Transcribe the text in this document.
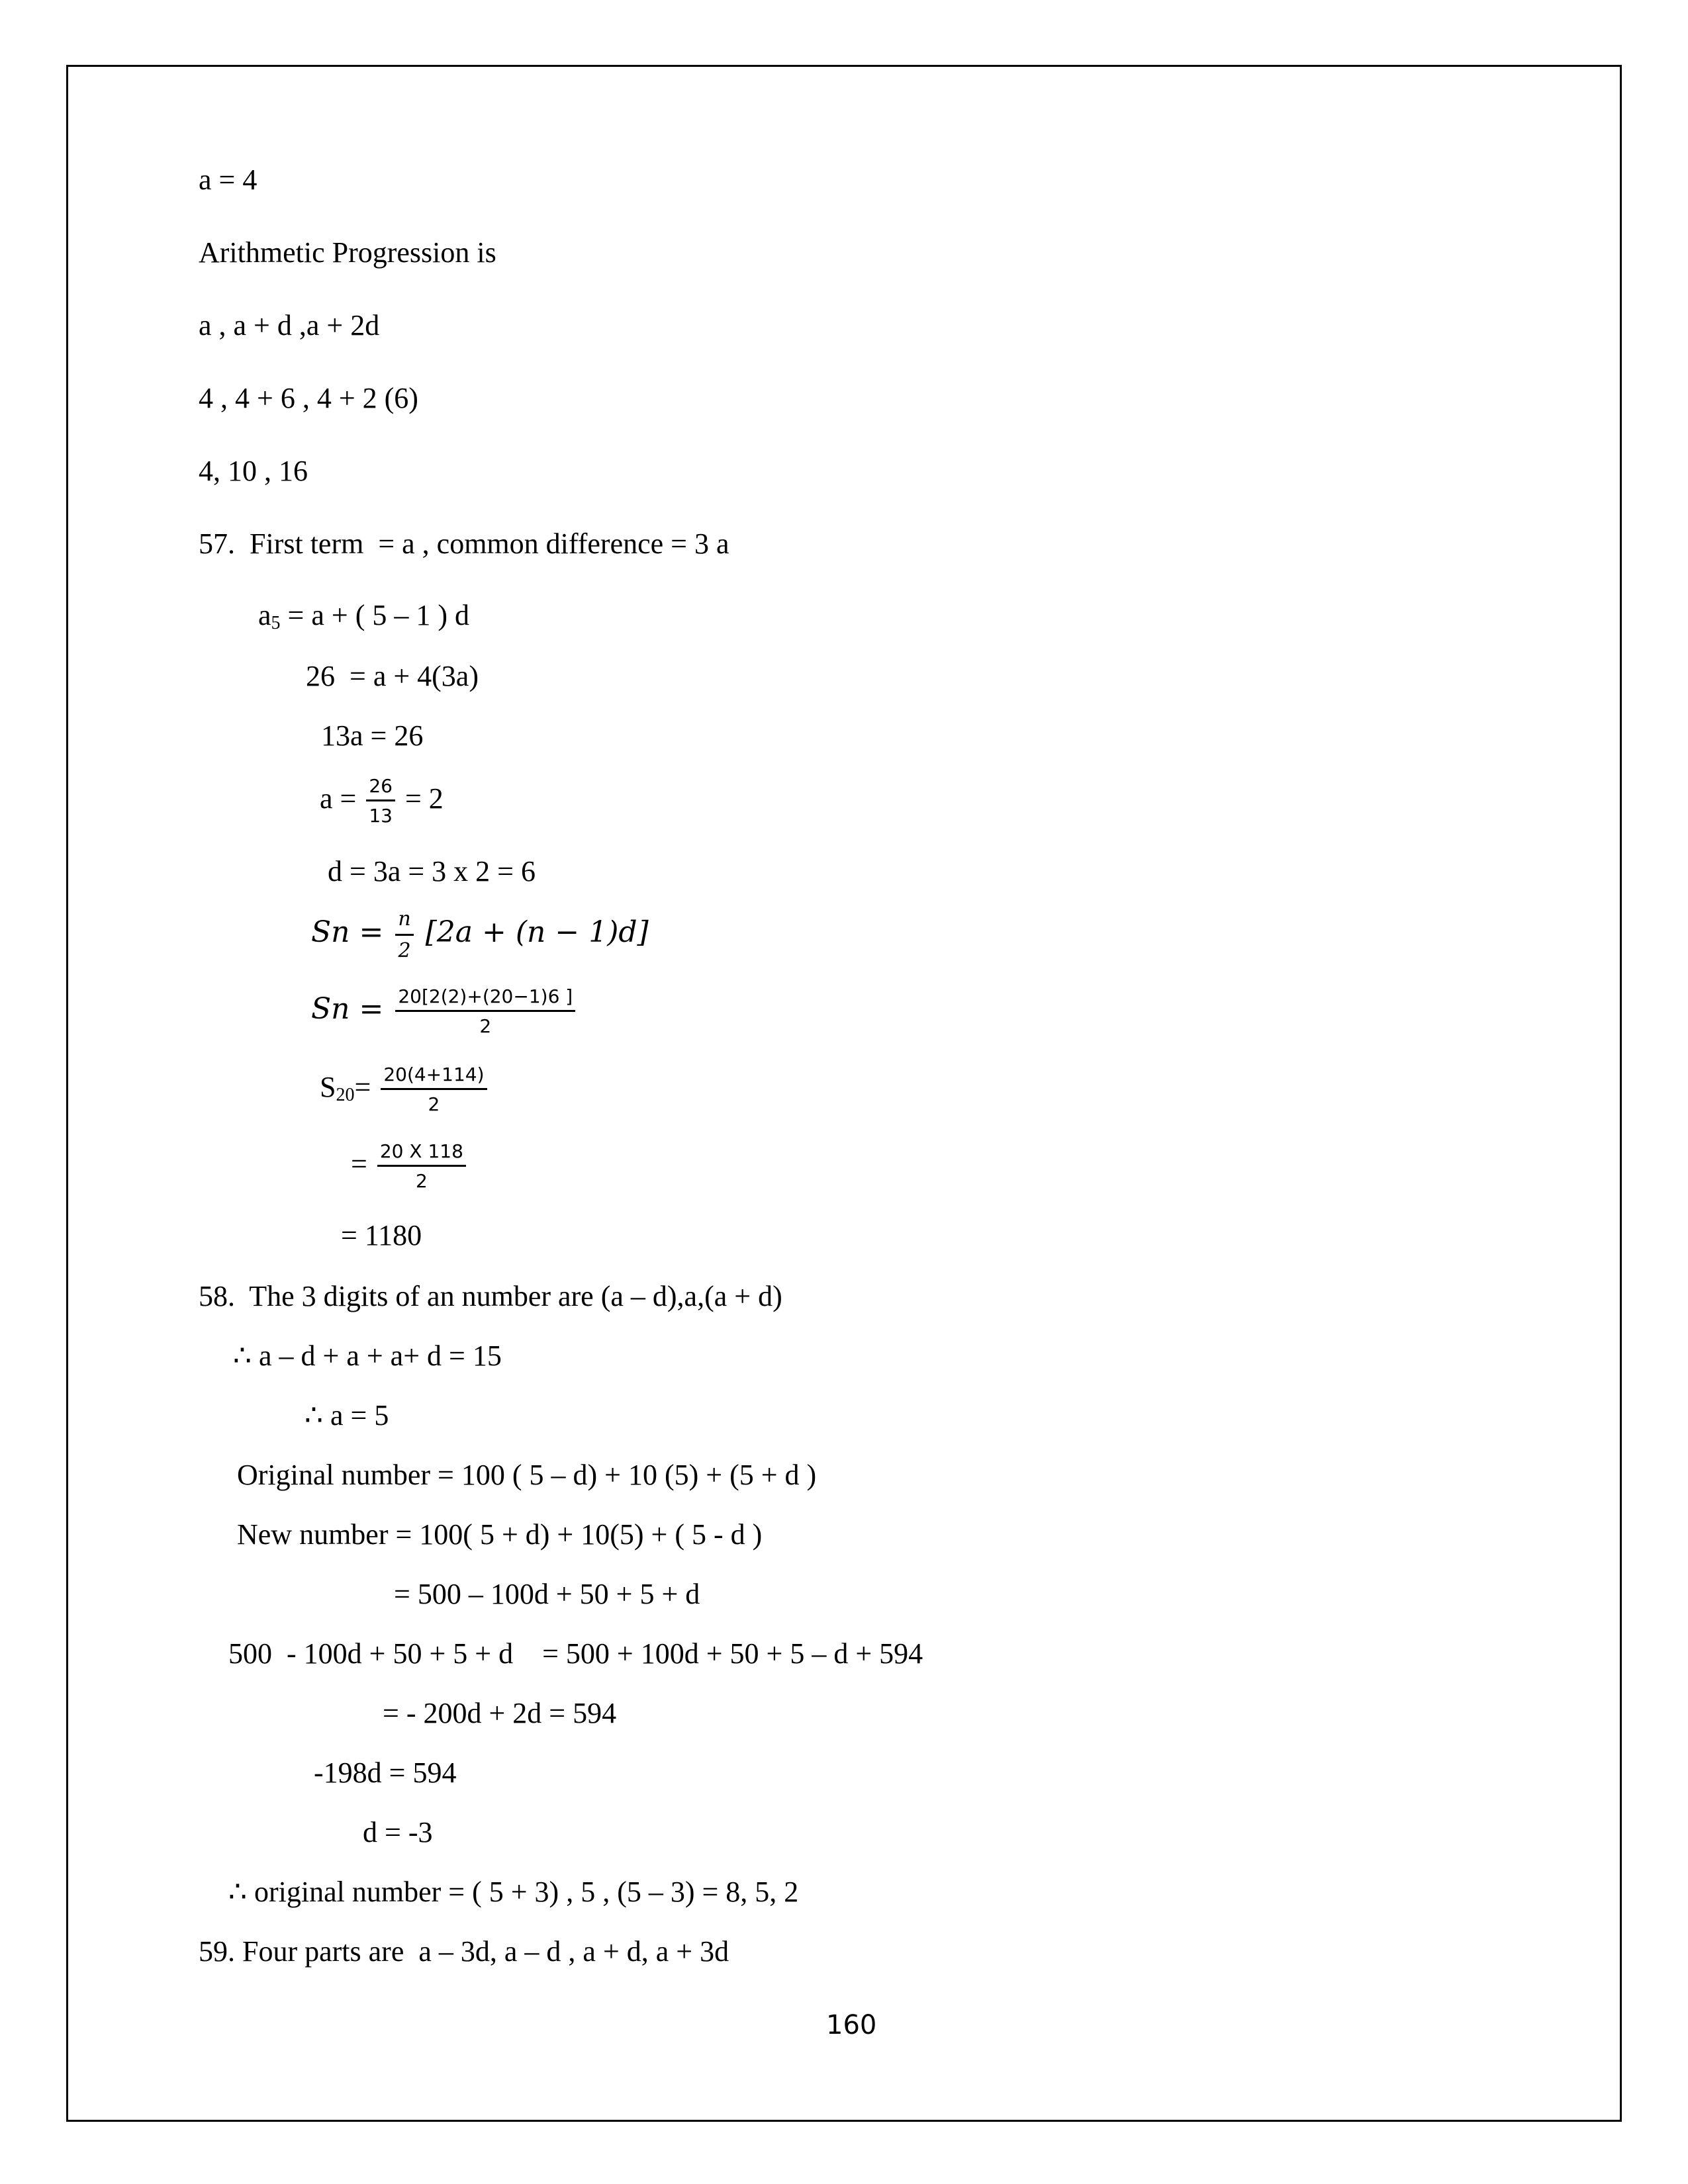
a = 4
Arithmetic Progression is
a , a + d ,a + 2d
4 , 4 + 6 , 4 + 2 (6)
4, 10 , 16
57.  First term  = a , common difference = 3 a
$a_5 = a$ + ( 5 – 1 ) d
26  = a + 4(3a)
13a = 26
$a = \frac{26}{13} = 2$
d = 3a = 3 x 2 = 6
$Sn = \frac{n}{2} [2a + (n - 1)d]$
$Sn = \frac{20[2(2)+(20-1)6 ]}{2}$
$S_{20}= \frac{20(4+114)}{2}$
= $\frac{20 X 118}{2}$
= 1180
58.  The 3 digits of an number are (a – d),a,(a + d)
∴ a – d + a + a+ d = 15
∴ a = 5
Original number = 100 ( 5 – d) + 10 (5) + (5 + d )
New number = 100( 5 + d) + 10(5) + ( 5 - d )
= 500 – 100d + 50 + 5 + d
500  - 100d + 50 + 5 + d    = 500 + 100d + 50 + 5 – d + 594
= - 200d + 2d = 594
-198d = 594
d = -3
∴ original number = ( 5 + 3) , 5 , (5 – 3) = 8, 5, 2
59. Four parts are  a – 3d, a – d , a + d, a + 3d
160
